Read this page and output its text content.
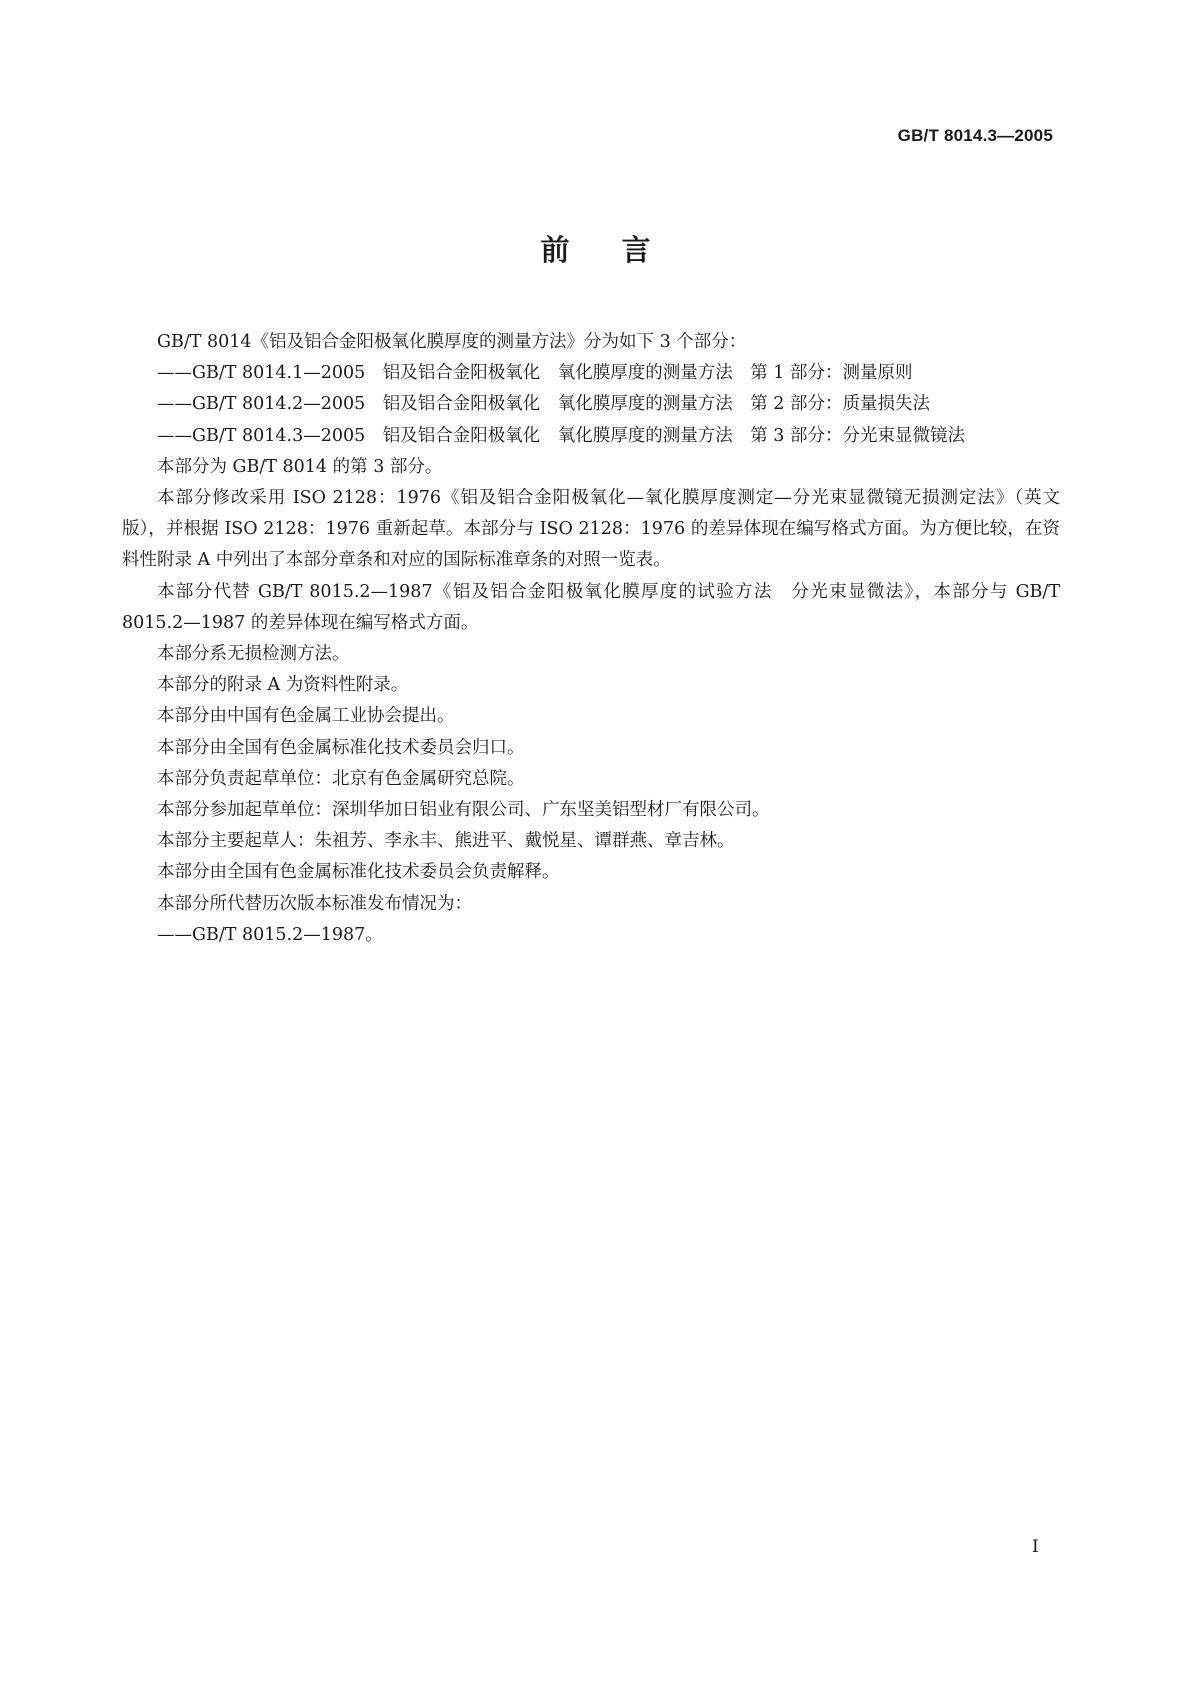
GB/T 8014.3—2005
前言

GB/T 8014《铝及铝合金阳极氧化膜厚度的测量方法》分为如下 3 个部分：

——GB/T 8014.1—2005　铝及铝合金阳极氧化　氧化膜厚度的测量方法　第 1 部分：测量原则

——GB/T 8014.2—2005　铝及铝合金阳极氧化　氧化膜厚度的测量方法　第 2 部分：质量损失法

——GB/T 8014.3—2005　铝及铝合金阳极氧化　氧化膜厚度的测量方法　第 3 部分：分光束显微镜法

本部分为 GB/T 8014 的第 3 部分。

本部分修改采用 ISO 2128：1976《铝及铝合金阳极氧化—氧化膜厚度测定—分光束显微镜无损测定法》（英文版），并根据 ISO 2128：1976 重新起草。本部分与 ISO 2128：1976 的差异体现在编写格式方面。为方便比较，在资料性附录 A 中列出了本部分章条和对应的国际标准章条的对照一览表。

本部分代替 GB/T 8015.2—1987《铝及铝合金阳极氧化膜厚度的试验方法　分光束显微法》，本部分与 GB/T 8015.2—1987 的差异体现在编写格式方面。

本部分系无损检测方法。

本部分的附录 A 为资料性附录。

本部分由中国有色金属工业协会提出。

本部分由全国有色金属标准化技术委员会归口。

本部分负责起草单位：北京有色金属研究总院。

本部分参加起草单位：深圳华加日铝业有限公司、广东坚美铝型材厂有限公司。

本部分主要起草人：朱祖芳、李永丰、熊进平、戴悦星、谭群燕、章吉林。

本部分由全国有色金属标准化技术委员会负责解释。

本部分所代替历次版本标准发布情况为：

——GB/T 8015.2—1987。

I
